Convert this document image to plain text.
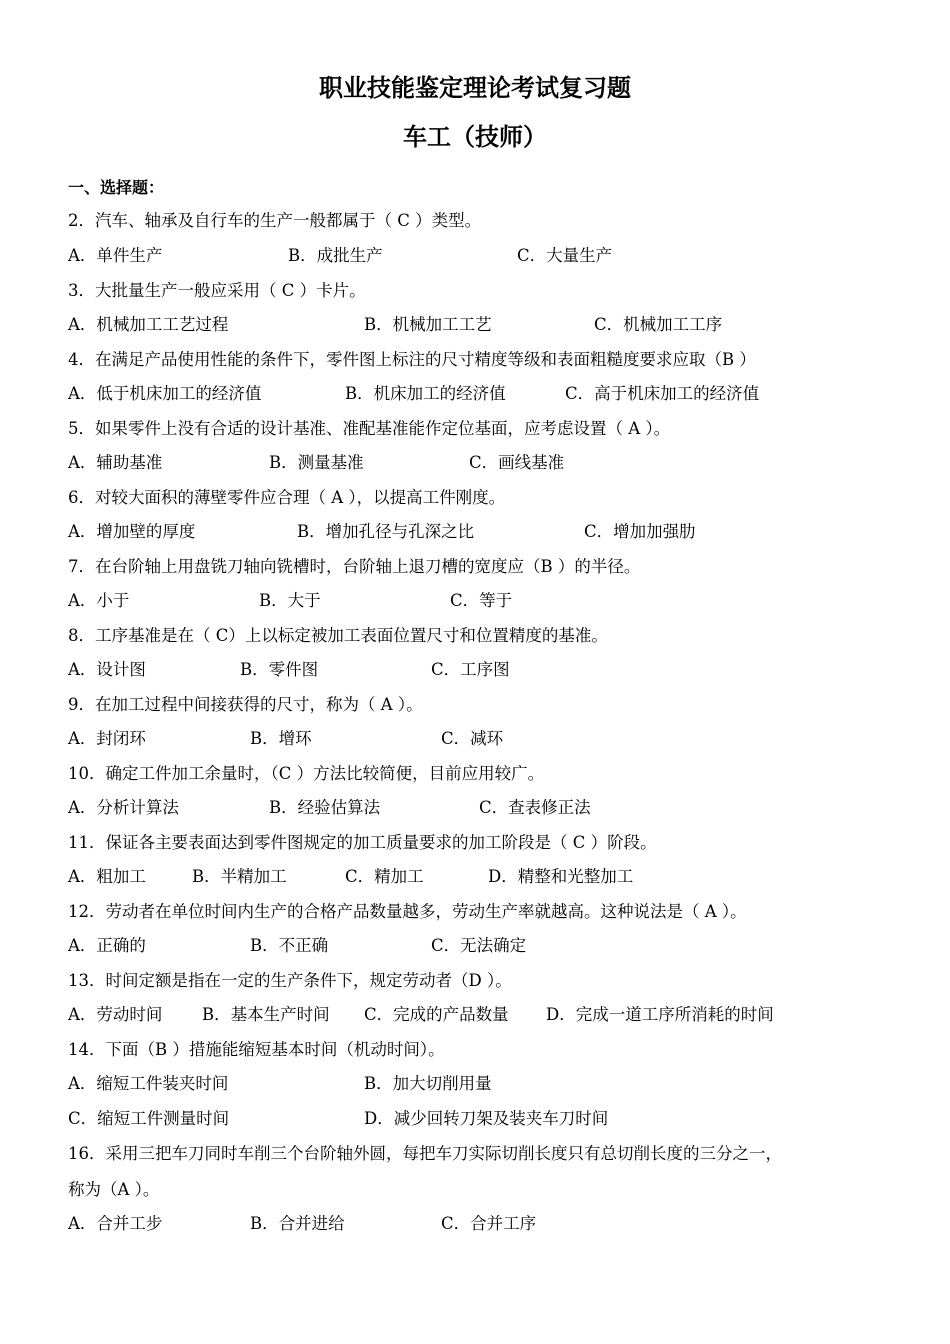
职业技能鉴定理论考试复习题
车工（技师）
一、选择题：
2．汽车、轴承及自行车的生产一般都属于（ C ）类型。
A．单件生产	B．成批生产	C．大量生产
3．大批量生产一般应采用（ C ）卡片。
A．机械加工工艺过程	B．机械加工工艺	C．机械加工工序
4．在满足产品使用性能的条件下，零件图上标注的尺寸精度等级和表面粗糙度要求应取（B ）
A．低于机床加工的经济值	B．机床加工的经济值	C．高于机床加工的经济值
5．如果零件上没有合适的设计基准、准配基准能作定位基面，应考虑设置（ A ）。
A．辅助基准	B．测量基准	C．画线基准
6．对较大面积的薄壁零件应合理（ A ），以提高工件刚度。
A．增加壁的厚度	B．增加孔径与孔深之比	C．增加加强肋
7．在台阶轴上用盘铣刀轴向铣槽时，台阶轴上退刀槽的宽度应（B ）的半径。
A．小于	B．大于	C．等于
8．工序基准是在（ C）上以标定被加工表面位置尺寸和位置精度的基准。
A．设计图	B．零件图	C．工序图
9．在加工过程中间接获得的尺寸，称为（ A ）。
A．封闭环	B．增环	C．减环
10．确定工件加工余量时，（C ）方法比较简便，目前应用较广。
A．分析计算法	B．经验估算法	C．查表修正法
11．保证各主要表面达到零件图规定的加工质量要求的加工阶段是（ C ）阶段。
A．粗加工	B．半精加工	C．精加工	D．精整和光整加工
12．劳动者在单位时间内生产的合格产品数量越多，劳动生产率就越高。这种说法是（ A ）。
A．正确的	B．不正确	C．无法确定
13．时间定额是指在一定的生产条件下，规定劳动者（D ）。
A．劳动时间 B．基本生产时间 C．完成的产品数量 D．完成一道工序所消耗的时间
14．下面（B ）措施能缩短基本时间（机动时间）。
A．缩短工件装夹时间	B．加大切削用量
C．缩短工件测量时间	D．减少回转刀架及装夹车刀时间
16．采用三把车刀同时车削三个台阶轴外圆，每把车刀实际切削长度只有总切削长度的三分之一，
称为（A ）。
A．合并工步	B．合并进给	C．合并工序
